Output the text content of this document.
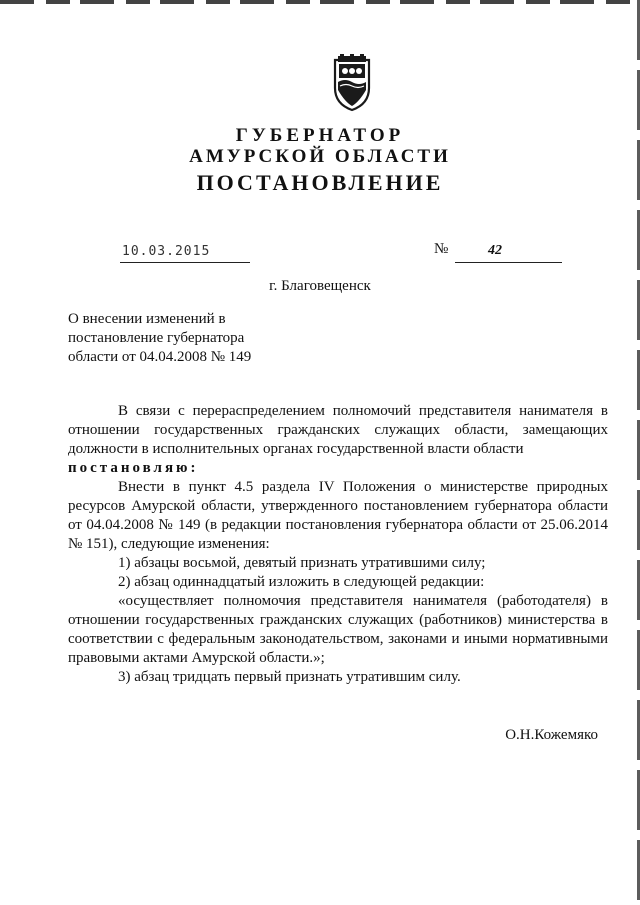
ГУБЕРНАТОР
АМУРСКОЙ ОБЛАСТИ
ПОСТАНОВЛЕНИЕ
10.03.2015	№	42
г. Благовещенск
О внесении изменений в
постановление губернатора
области от 04.04.2008 № 149

В связи с перераспределением полномочий представителя нанимателя в отношении государственных гражданских служащих области, замещающих должности в исполнительных органах государственной власти области

постановляю:

Внести в пункт 4.5 раздела IV Положения о министерстве природных ресурсов Амурской области, утвержденного постановлением губернатора области от 04.04.2008 № 149 (в редакции постановления губернатора области от 25.06.2014 № 151), следующие изменения:

1) абзацы восьмой, девятый признать утратившими силу;

2) абзац одиннадцатый изложить в следующей редакции:

«осуществляет полномочия представителя нанимателя (работодателя) в отношении государственных гражданских служащих (работников) министерства в соответствии с федеральным законодательством, законами и иными нормативными правовыми актами Амурской области.»;

3) абзац тридцать первый признать утратившим силу.

О.Н.Кожемяко
